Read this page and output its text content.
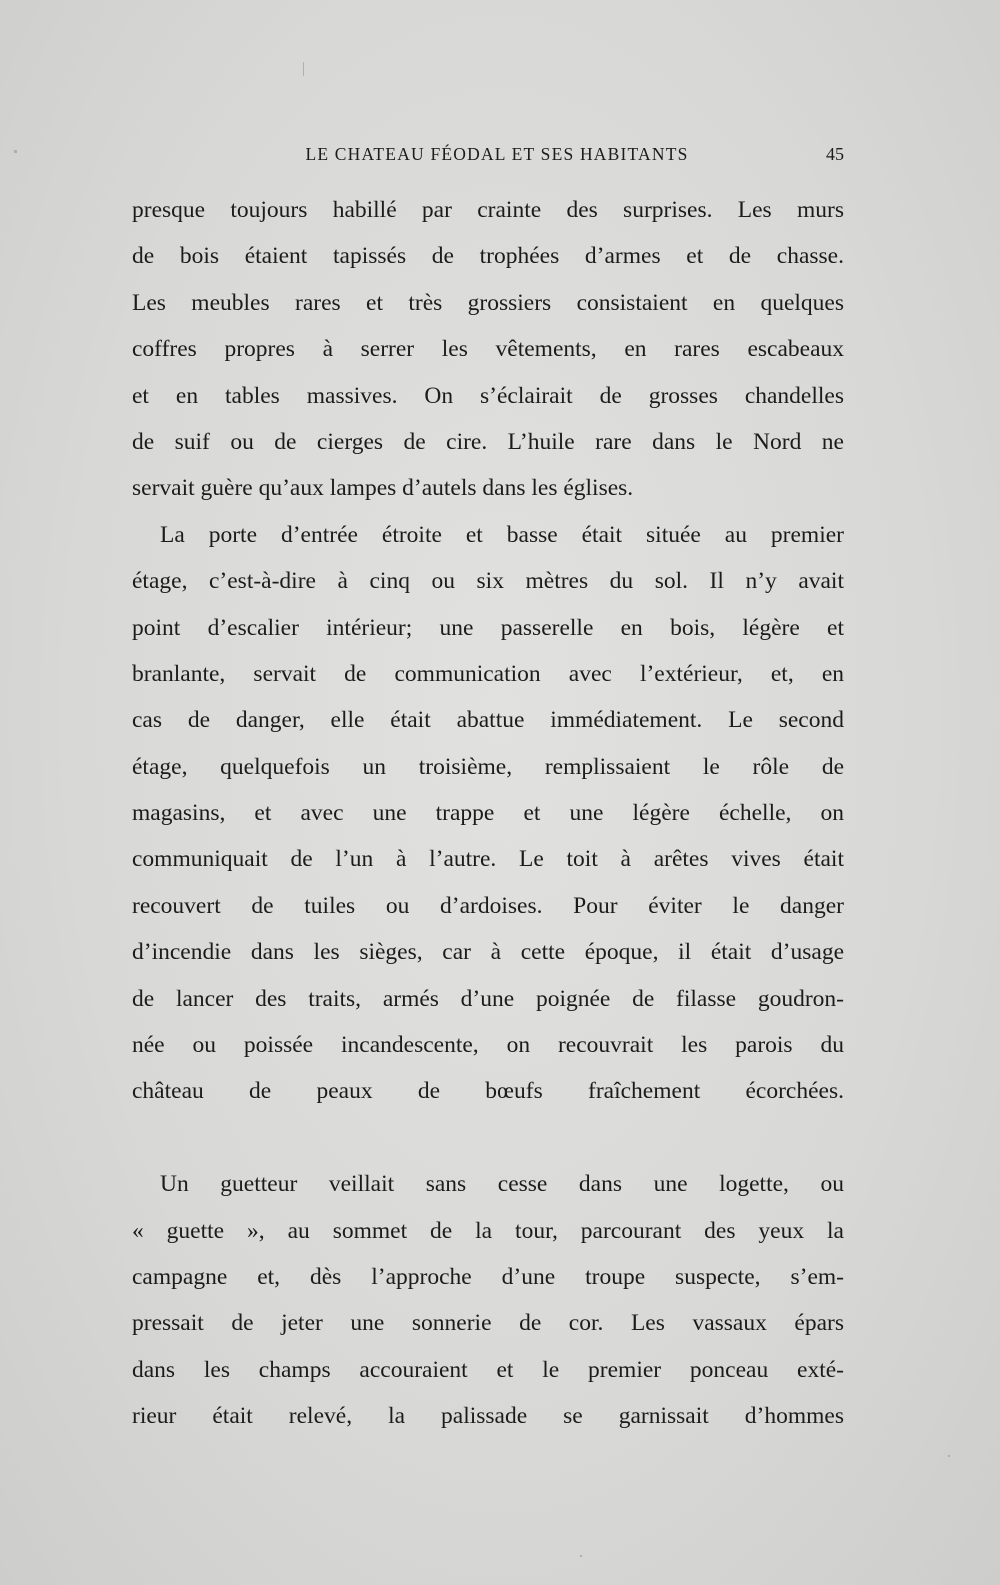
LE CHATEAU FÉODAL ET SES HABITANTS	45
presque toujours habillé par crainte des surprises. Les murs
de bois étaient tapissés de trophées d’armes et de chasse.
Les meubles rares et très grossiers consistaient en quelques
coffres propres à serrer les vêtements, en rares escabeaux
et en tables massives. On s’éclairait de grosses chandelles
de suif ou de cierges de cire. L’huile rare dans le Nord ne
servait guère qu’aux lampes d’autels dans les églises.
La porte d’entrée étroite et basse était située au premier
étage, c’est-à-dire à cinq ou six mètres du sol. Il n’y avait
point d’escalier intérieur; une passerelle en bois, légère et
branlante, servait de communication avec l’extérieur, et, en
cas de danger, elle était abattue immédiatement. Le second
étage, quelquefois un troisième, remplissaient le rôle de
magasins, et avec une trappe et une légère échelle, on
communiquait de l’un à l’autre. Le toit à arêtes vives était
recouvert de tuiles ou d’ardoises. Pour éviter le danger
d’incendie dans les sièges, car à cette époque, il était d’usage
de lancer des traits, armés d’une poignée de filasse goudron-
née ou poissée incandescente, on recouvrait les parois du
château de peaux de bœufs fraîchement écorchées.
Un guetteur veillait sans cesse dans une logette, ou
« guette », au sommet de la tour, parcourant des yeux la
campagne et, dès l’approche d’une troupe suspecte, s’em-
pressait de jeter une sonnerie de cor. Les vassaux épars
dans les champs accouraient et le premier ponceau exté-
rieur était relevé, la palissade se garnissait d’hommes
